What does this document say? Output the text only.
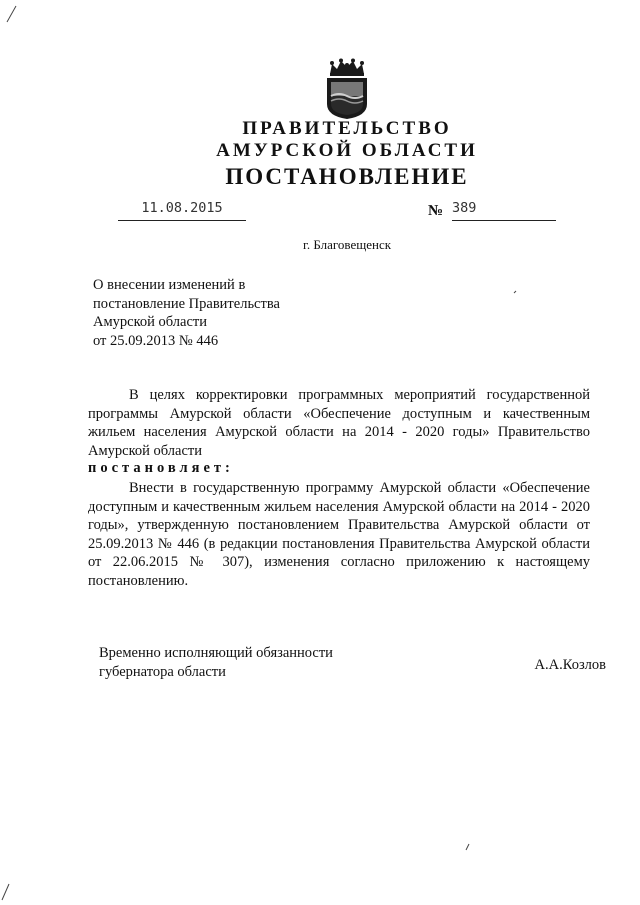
ПРАВИТЕЛЬСТВО
АМУРСКОЙ ОБЛАСТИ
ПОСТАНОВЛЕНИЕ
11.08.2015	№ 389
г. Благовещенск
О внесении изменений в
постановление Правительства
Амурской области
от 25.09.2013 № 446
В целях корректировки программных мероприятий государственной программы Амурской области «Обеспечение доступным и качественным жильем населения Амурской области на 2014 - 2020 годы» Правительство Амурской области
постановляет:
Внести в государственную программу Амурской области «Обеспечение доступным и качественным жильем населения Амурской области на 2014 - 2020 годы», утвержденную постановлением Правительства Амурской области от 25.09.2013 № 446 (в редакции постановления Правительства Амурской области от 22.06.2015 № 307), изменения согласно приложению к настоящему постановлению.
Временно исполняющий обязанности
губернатора области	А.А.Козлов
